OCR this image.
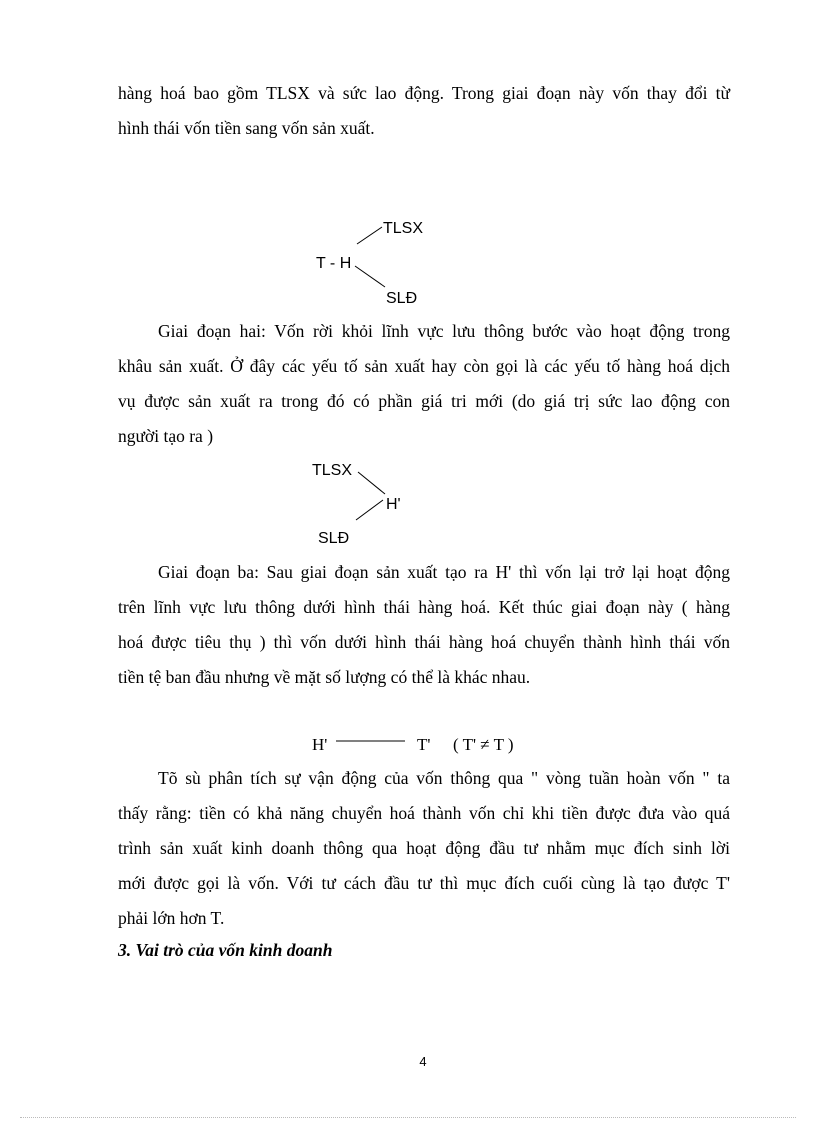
hàng hoá bao gồm TLSX và sức lao động. Trong giai đoạn này vốn thay đổi từ
hình thái vốn tiền sang vốn sản xuất.
TLSX
T - H
SLĐ
Giai đoạn hai: Vốn rời khỏi lĩnh vực lưu thông bước vào hoạt động trong
khâu sản xuất. Ở đây các yếu tố sản xuất hay còn gọi là các yếu tố hàng hoá dịch
vụ được sản xuất ra trong đó có phần giá tri mới (do giá trị sức lao động con
người tạo ra )
TLSX
H'
SLĐ
Giai đoạn ba: Sau giai đoạn sản xuất tạo ra H' thì vốn lại trở lại hoạt động
trên lĩnh vực lưu thông dưới hình thái hàng hoá. Kết thúc giai đoạn này ( hàng
hoá được tiêu thụ ) thì vốn dưới hình thái hàng hoá chuyển thành hình thái vốn
tiền tệ ban đầu nhưng về mặt số lượng có thể là khác nhau.
H'	T' ( T' ≠ T )
Tõ sù phân tích sự vận động của vốn thông qua " vòng tuần hoàn vốn " ta
thấy rằng: tiền có khả năng chuyển hoá thành vốn chỉ khi tiền được đưa vào quá
trình sản xuất kinh doanh thông qua hoạt động đầu tư nhằm mục đích sinh lời
mới được gọi là vốn. Với tư cách đầu tư thì mục đích cuối cùng là tạo được T'
phải lớn hơn T.
3. Vai trò của vốn kinh doanh
4
